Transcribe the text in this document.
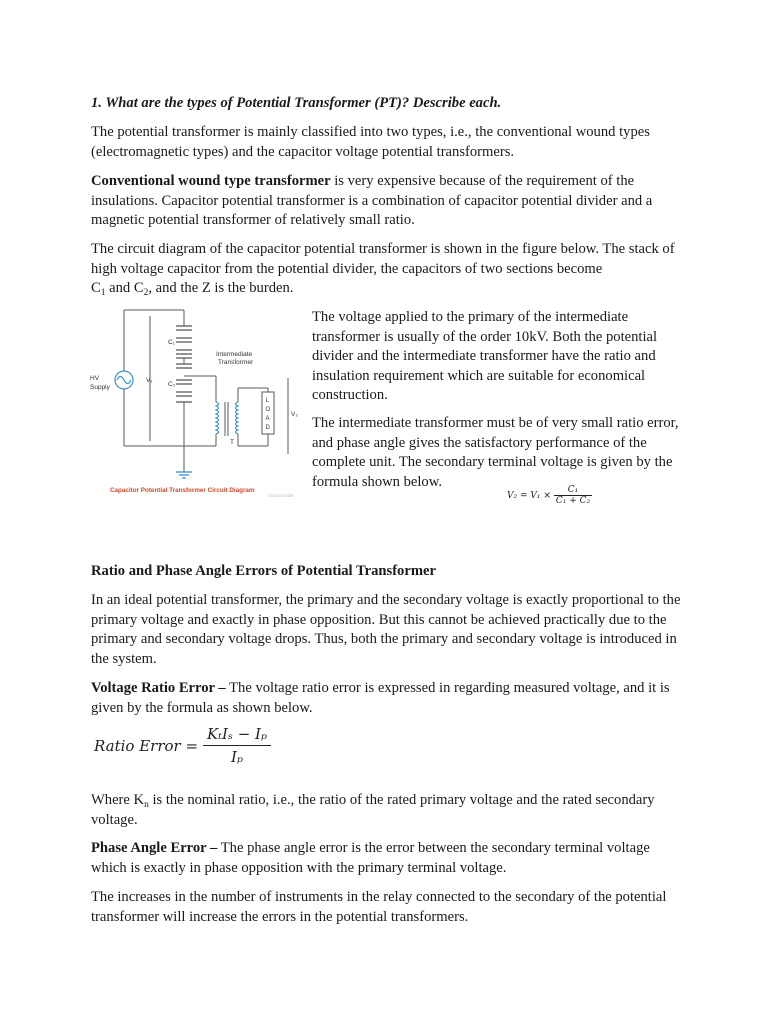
1. What are the types of Potential Transformer (PT)? Describe each.

The potential transformer is mainly classified into two types, i.e., the conventional wound types (electromagnetic types) and the capacitor voltage potential transformers.

Conventional wound type transformer is very expensive because of the requirement of the insulations. Capacitor potential transformer is a combination of capacitor potential divider and a magnetic potential transformer of relatively small ratio.

The circuit diagram of the capacitor potential transformer is shown in the figure below. The stack of high voltage capacitor from the potential divider, the capacitors of two sections become
$C_1$ and $C_2$, and the Z is the burden.

The voltage applied to the primary of the intermediate transformer is usually of the order 10kV. Both the potential divider and the intermediate transformer have the ratio and insulation requirement which are suitable for economical construction.

The intermediate transformer must be of very small ratio error, and phase angle gives the satisfactory performance of the complete unit. The secondary terminal voltage is given by the formula shown below.

Ratio and Phase Angle Errors of Potential Transformer

In an ideal potential transformer, the primary and the secondary voltage is exactly proportional to the primary voltage and exactly in phase opposition. But this cannot be achieved practically due to the primary and secondary voltage drops. Thus, both the primary and secondary voltage is introduced in the system.

Voltage Ratio Error – The voltage ratio error is expressed in regarding measured voltage, and it is given by the formula as shown below.

Where $K_n$ is the nominal ratio, i.e., the ratio of the rated primary voltage and the rated secondary voltage.

Phase Angle Error – The phase angle error is the error between the secondary terminal voltage which is exactly in phase opposition with the primary terminal voltage.

The increases in the number of instruments in the relay connected to the secondary of the potential transformer will increase the errors in the potential transformers.

HV
Supply
V₁
C₁
C₂
Intermediate
Transformer
T
L
O
A
D
V₂
Capacitor Potential Transformer Circuit Diagram
Circuit Globe	$V_2 = V_1 \times \frac{\text{C₁}}{\text{C₁ + C₂}}$
Ratio Error =
KₜIₛ − Iₚ
Iₚ
